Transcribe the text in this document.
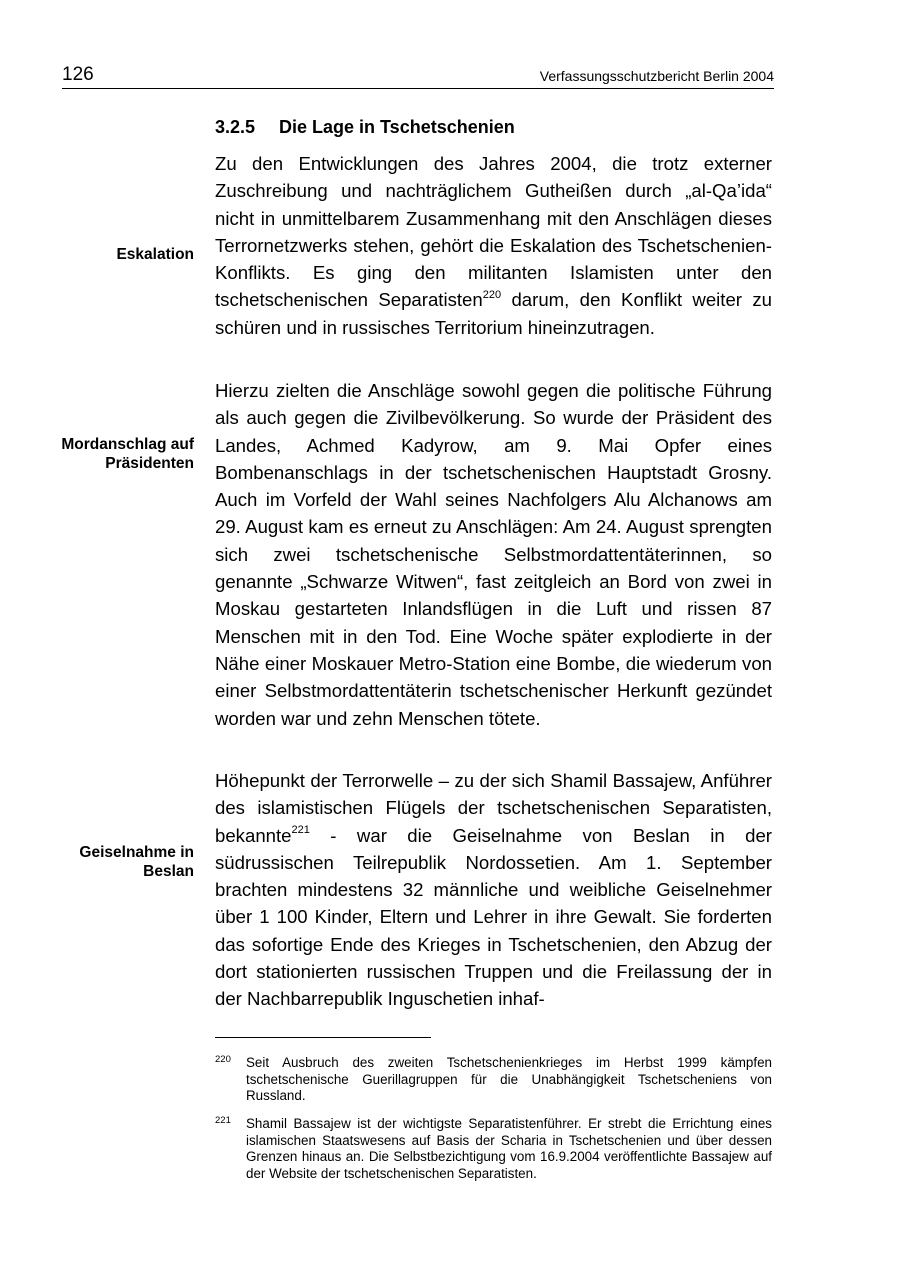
126	Verfassungsschutzbericht Berlin 2004
3.2.5 Die Lage in Tschetschenien

Zu den Entwicklungen des Jahres 2004, die trotz externer Zuschreibung und nachträglichem Gutheißen durch „al-Qa’ida“ nicht in unmittelbarem Zusammenhang mit den Anschlägen dieses Terrornetzwerks stehen, gehört die Eskalation des Tschetschenien-Konflikts. Es ging den militanten Islamisten unter den tschetschenischen Separatisten$^{220}$ darum, den Konflikt weiter zu schüren und in russisches Territorium hineinzutragen.

Eskalation

Hierzu zielten die Anschläge sowohl gegen die politische Führung als auch gegen die Zivilbevölkerung. So wurde der Präsident des Landes, Achmed Kadyrow, am 9. Mai Opfer eines Bombenanschlags in der tschetschenischen Hauptstadt Grosny. Auch im Vorfeld der Wahl seines Nachfolgers Alu Alchanows am 29. August kam es erneut zu Anschlägen: Am 24. August sprengten sich zwei tschetschenische Selbstmordattentäterinnen, so genannte „Schwarze Witwen“, fast zeitgleich an Bord von zwei in Moskau gestarteten Inlandsflügen in die Luft und rissen 87 Menschen mit in den Tod. Eine Woche später explodierte in der Nähe einer Moskauer Metro-Station eine Bombe, die wiederum von einer Selbstmordattentäterin tschetschenischer Herkunft gezündet worden war und zehn Menschen tötete.

Mordanschlag auf
Präsidenten

Höhepunkt der Terrorwelle – zu der sich Shamil Bassajew, Anführer des islamistischen Flügels der tschetschenischen Separatisten, bekannte$^{221}$ - war die Geiselnahme von Beslan in der südrussischen Teilrepublik Nordossetien. Am 1. September brachten mindestens 32 männliche und weibliche Geiselnehmer über 1 100 Kinder, Eltern und Lehrer in ihre Gewalt. Sie forderten das sofortige Ende des Krieges in Tschetschenien, den Abzug der dort stationierten russischen Truppen und die Freilassung der in der Nachbarrepublik Inguschetien inhaf-

Geiselnahme in
Beslan
220 Seit Ausbruch des zweiten Tschetschenienkrieges im Herbst 1999 kämpfen tschetschenische Guerillagruppen für die Unabhängigkeit Tschetscheniens von Russland.
221 Shamil Bassajew ist der wichtigste Separatistenführer. Er strebt die Errichtung eines islamischen Staatswesens auf Basis der Scharia in Tschetschenien und über dessen Grenzen hinaus an. Die Selbstbezichtigung vom 16.9.2004 veröffentlichte Bassajew auf der Website der tschetschenischen Separatisten.
